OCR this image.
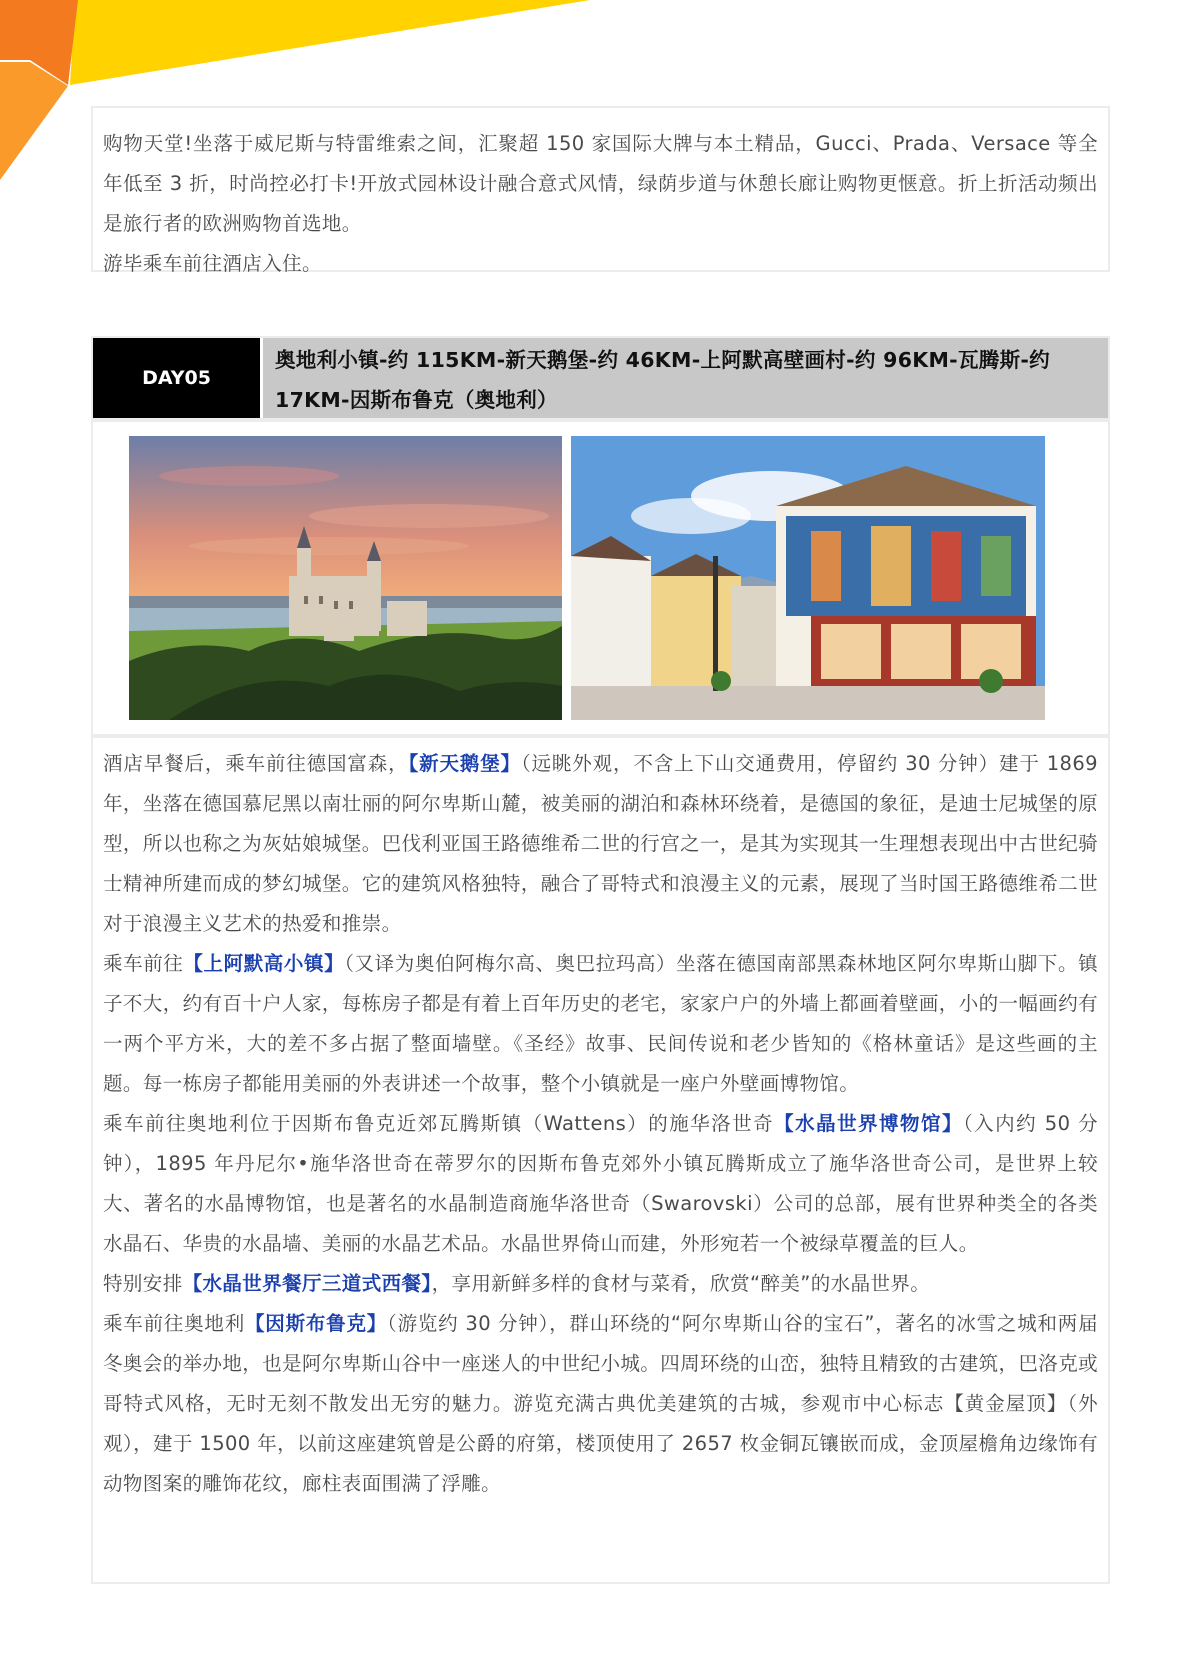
购物天堂!坐落于威尼斯与特雷维索之间，汇聚超 150 家国际大牌与本土精品，Gucci、Prada、Versace 等全年低至 3 折，时尚控必打卡!开放式园林设计融合意式风情，绿荫步道与休憩长廊让购物更惬意。折上折活动频出是旅行者的欧洲购物首选地。

游毕乘车前往酒店入住。

DAY05
奥地利小镇-约 115KM-新天鹅堡-约 46KM-上阿默高壁画村-约 96KM-瓦腾斯-约 17KM-因斯布鲁克（奥地利）

酒店早餐后，乘车前往德国富森，【新天鹅堡】（远眺外观，不含上下山交通费用，停留约 30 分钟）建于 1869 年，坐落在德国慕尼黑以南壮丽的阿尔卑斯山麓，被美丽的湖泊和森林环绕着，是德国的象征，是迪士尼城堡的原型，所以也称之为灰姑娘城堡。巴伐利亚国王路德维希二世的行宫之一，是其为实现其一生理想表现出中古世纪骑士精神所建而成的梦幻城堡。它的建筑风格独特，融合了哥特式和浪漫主义的元素，展现了当时国王路德维希二世对于浪漫主义艺术的热爱和推崇。

乘车前往【上阿默高小镇】（又译为奥伯阿梅尔高、奥巴拉玛高）坐落在德国南部黑森林地区阿尔卑斯山脚下。镇子不大，约有百十户人家，每栋房子都是有着上百年历史的老宅，家家户户的外墙上都画着壁画，小的一幅画约有一两个平方米，大的差不多占据了整面墙壁。《圣经》故事、民间传说和老少皆知的《格林童话》是这些画的主题。每一栋房子都能用美丽的外表讲述一个故事，整个小镇就是一座户外壁画博物馆。

乘车前往奥地利位于因斯布鲁克近郊瓦腾斯镇（Wattens）的施华洛世奇【水晶世界博物馆】（入内约 50 分钟），1895 年丹尼尔•施华洛世奇在蒂罗尔的因斯布鲁克郊外小镇瓦腾斯成立了施华洛世奇公司，是世界上较大、著名的水晶博物馆，也是著名的水晶制造商施华洛世奇（Swarovski）公司的总部，展有世界种类全的各类水晶石、华贵的水晶墙、美丽的水晶艺术品。水晶世界倚山而建，外形宛若一个被绿草覆盖的巨人。

特别安排【水晶世界餐厅三道式西餐】，享用新鲜多样的食材与菜肴，欣赏“醉美”的水晶世界。

乘车前往奥地利【因斯布鲁克】（游览约 30 分钟），群山环绕的“阿尔卑斯山谷的宝石”，著名的冰雪之城和两届冬奥会的举办地，也是阿尔卑斯山谷中一座迷人的中世纪小城。四周环绕的山峦，独特且精致的古建筑，巴洛克或哥特式风格，无时无刻不散发出无穷的魅力。游览充满古典优美建筑的古城，参观市中心标志【黄金屋顶】（外观），建于 1500 年，以前这座建筑曾是公爵的府第，楼顶使用了 2657 枚金铜瓦镶嵌而成，金顶屋檐角边缘饰有动物图案的雕饰花纹，廊柱表面围满了浮雕。
